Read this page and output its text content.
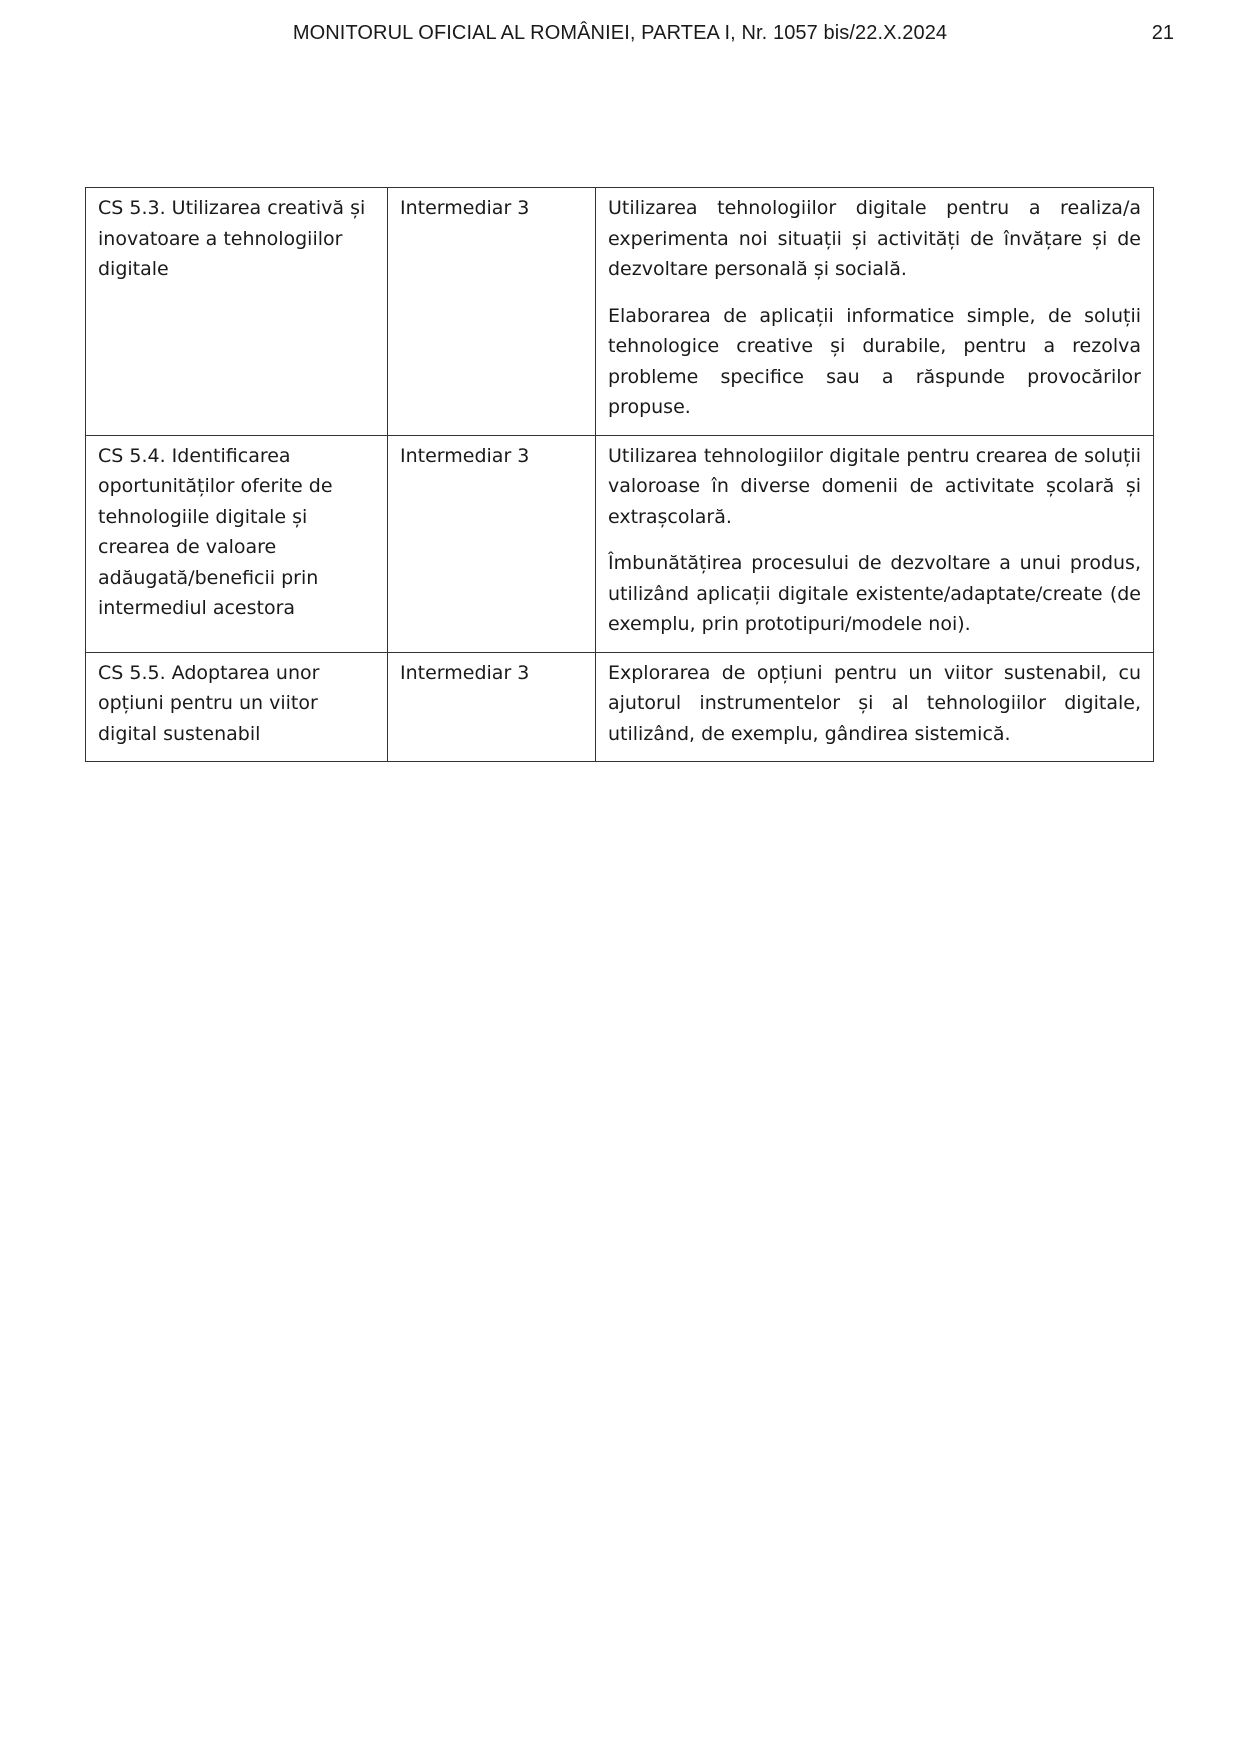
MONITORUL OFICIAL AL ROMÂNIEI, PARTEA I, Nr. 1057 bis/22.X.2024	21

CS 5.3. Utilizarea creativă și inovatoare a tehnologiilor digitale	Intermediar 3	Utilizarea tehnologiilor digitale pentru a realiza/a experimenta noi situații și activități de învățare și de dezvoltare personală și socială.

Elaborarea de aplicații informatice simple, de soluții tehnologice creative și durabile, pentru a rezolva probleme specifice sau a răspunde provocărilor propuse.

CS 5.4. Identificarea oportunităților oferite de tehnologiile digitale și crearea de valoare adăugată/beneficii prin intermediul acestora	Intermediar 3	Utilizarea tehnologiilor digitale pentru crearea de soluții valoroase în diverse domenii de activitate școlară și extrașcolară.

Îmbunătățirea procesului de dezvoltare a unui produs, utilizând aplicații digitale existente/adaptate/create (de exemplu, prin prototipuri/modele noi).

CS 5.5. Adoptarea unor opțiuni pentru un viitor digital sustenabil	Intermediar 3	Explorarea de opțiuni pentru un viitor sustenabil, cu ajutorul instrumentelor și al tehnologiilor digitale, utilizând, de exemplu, gândirea sistemică.
